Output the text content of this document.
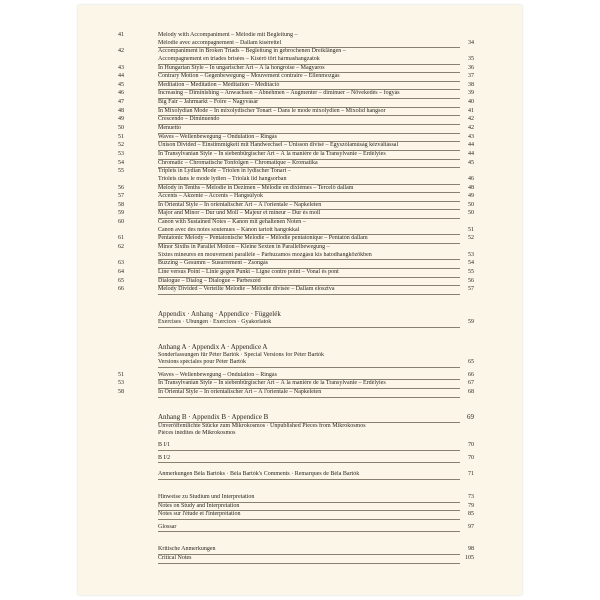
41	Melody with Accompaniment – Mélodie mit Begleitung –
Mélodie avec accompagnement – Dallam kísérettel	34
42	Accompaniment in Broken Triads – Begleitung in gebrochenen Dreiklängen –
Accompagnement en triades brisées – Kísérő tört hármashangzatok	35
43	In Hungarian Style – In ungarischer Art – À la hongroise – Magyaros	36
44	Contrary Motion – Gegenbewegung – Mouvement contraire – Ellenmozgás	37
45	Meditation – Meditation – Méditation – Méditáció	38
46	Increasing – Diminishing – Anwachsen – Abnehmen – Augmenter – diminuer – Növekedés – fogyás	39
47	Big Fair – Jahrmarkt – Foire – Nagyvásár	40
48	In Mixolydian Mode – In mixolydischer Tonart – Dans le mode mixolydien – Mixolíd hangsor	41
49	Crescendo – Diminuendo	42
50	Menuetto	42
51	Waves – Wellenbewegung – Ondulation – Ringás	43
52	Unison Divided – Einstimmigkeit mit Handwechsel – Unisson divisé – Egyszólamúság kézváltással	44
53	In Transylvanian Style – In siebenbürgischer Art – À la manière de la Transylvanie – Erdélyies	44
54	Chromatic – Chromatische Tonfolgen – Chromatique – Kromatika	45
55	Triplets in Lydian Mode – Triolen in lydischer Tonart –
Triolets dans le mode lydien – Triolák lid hangsorban	46
56	Melody in Tenths – Melodie in Dezimen – Mélodie en dixièmes – Tercelő dallam	48
57	Accents – Akzente – Accents – Hangsúlyok	49
58	In Oriental Style – In orientalischer Art – À l'orientale – Napkeleten	50
59	Major and Minor – Dur und Moll – Majeur et mineur – Dur és moll	50
60	Canon with Sustained Notes – Kanon mit gehaltenen Noten –
Canon avec des notes soutenues – Kánon tartott hangokkal	51
61	Pentatonic Melody – Pentatonische Melodie – Mélodie pentatonique – Pentatón dallam	52
62	Minor Sixths in Parallel Motion – Kleine Sexten in Parallelbewegung –
Sixtes mineures en mouvement parallèle – Párhuzamos mozgású kis hatodhangközökben	53
63	Buzzing – Gesumm – Susurrement – Zsongás	54
64	Line versus Point – Linie gegen Punkt – Ligne contre point – Vonal és pont	55
65	Dialogue – Dialog – Dialogue – Párbeszéd	56
66	Melody Divided – Verteilte Melodie – Mélodie divisée – Dallam elosztva	57
Appendix · Anhang · Appendice · Függelék
Exercises · Übungen · Exercices · Gyakorlatok	59
Anhang A · Appendix A · Appendice A
Sonderfassungen für Péter Bartók · Special Versions for Péter Bartók
Versions spéciales pour Péter Bartók	65
51	Waves – Wellenbewegung – Ondulation – Ringás	66
53	In Transylvanian Style – In siebenbürgischer Art – À la manière de la Transylvanie – Erdélyies	67
58	In Oriental Style – In orientalischer Art – À l'orientale – Napkeleten	68
Anhang B · Appendix B · Appendice B	69
Unveröffentlichte Stücke zum Mikrokosmos · Unpublished Pieces from Mikrokosmos
Pièces inédites de Mikrokosmos
B I/1	70
B I/2	70
Anmerkungen Béla Bartóks · Béla Bartók's Comments · Remarques de Béla Bartók	71
Hinweise zu Studium und Interpretation	73
Notes on Study and Interpretation	79
Notes sur l'étude et l'interprétation	85
Glossar	97
Kritische Anmerkungen	98
Critical Notes	105
